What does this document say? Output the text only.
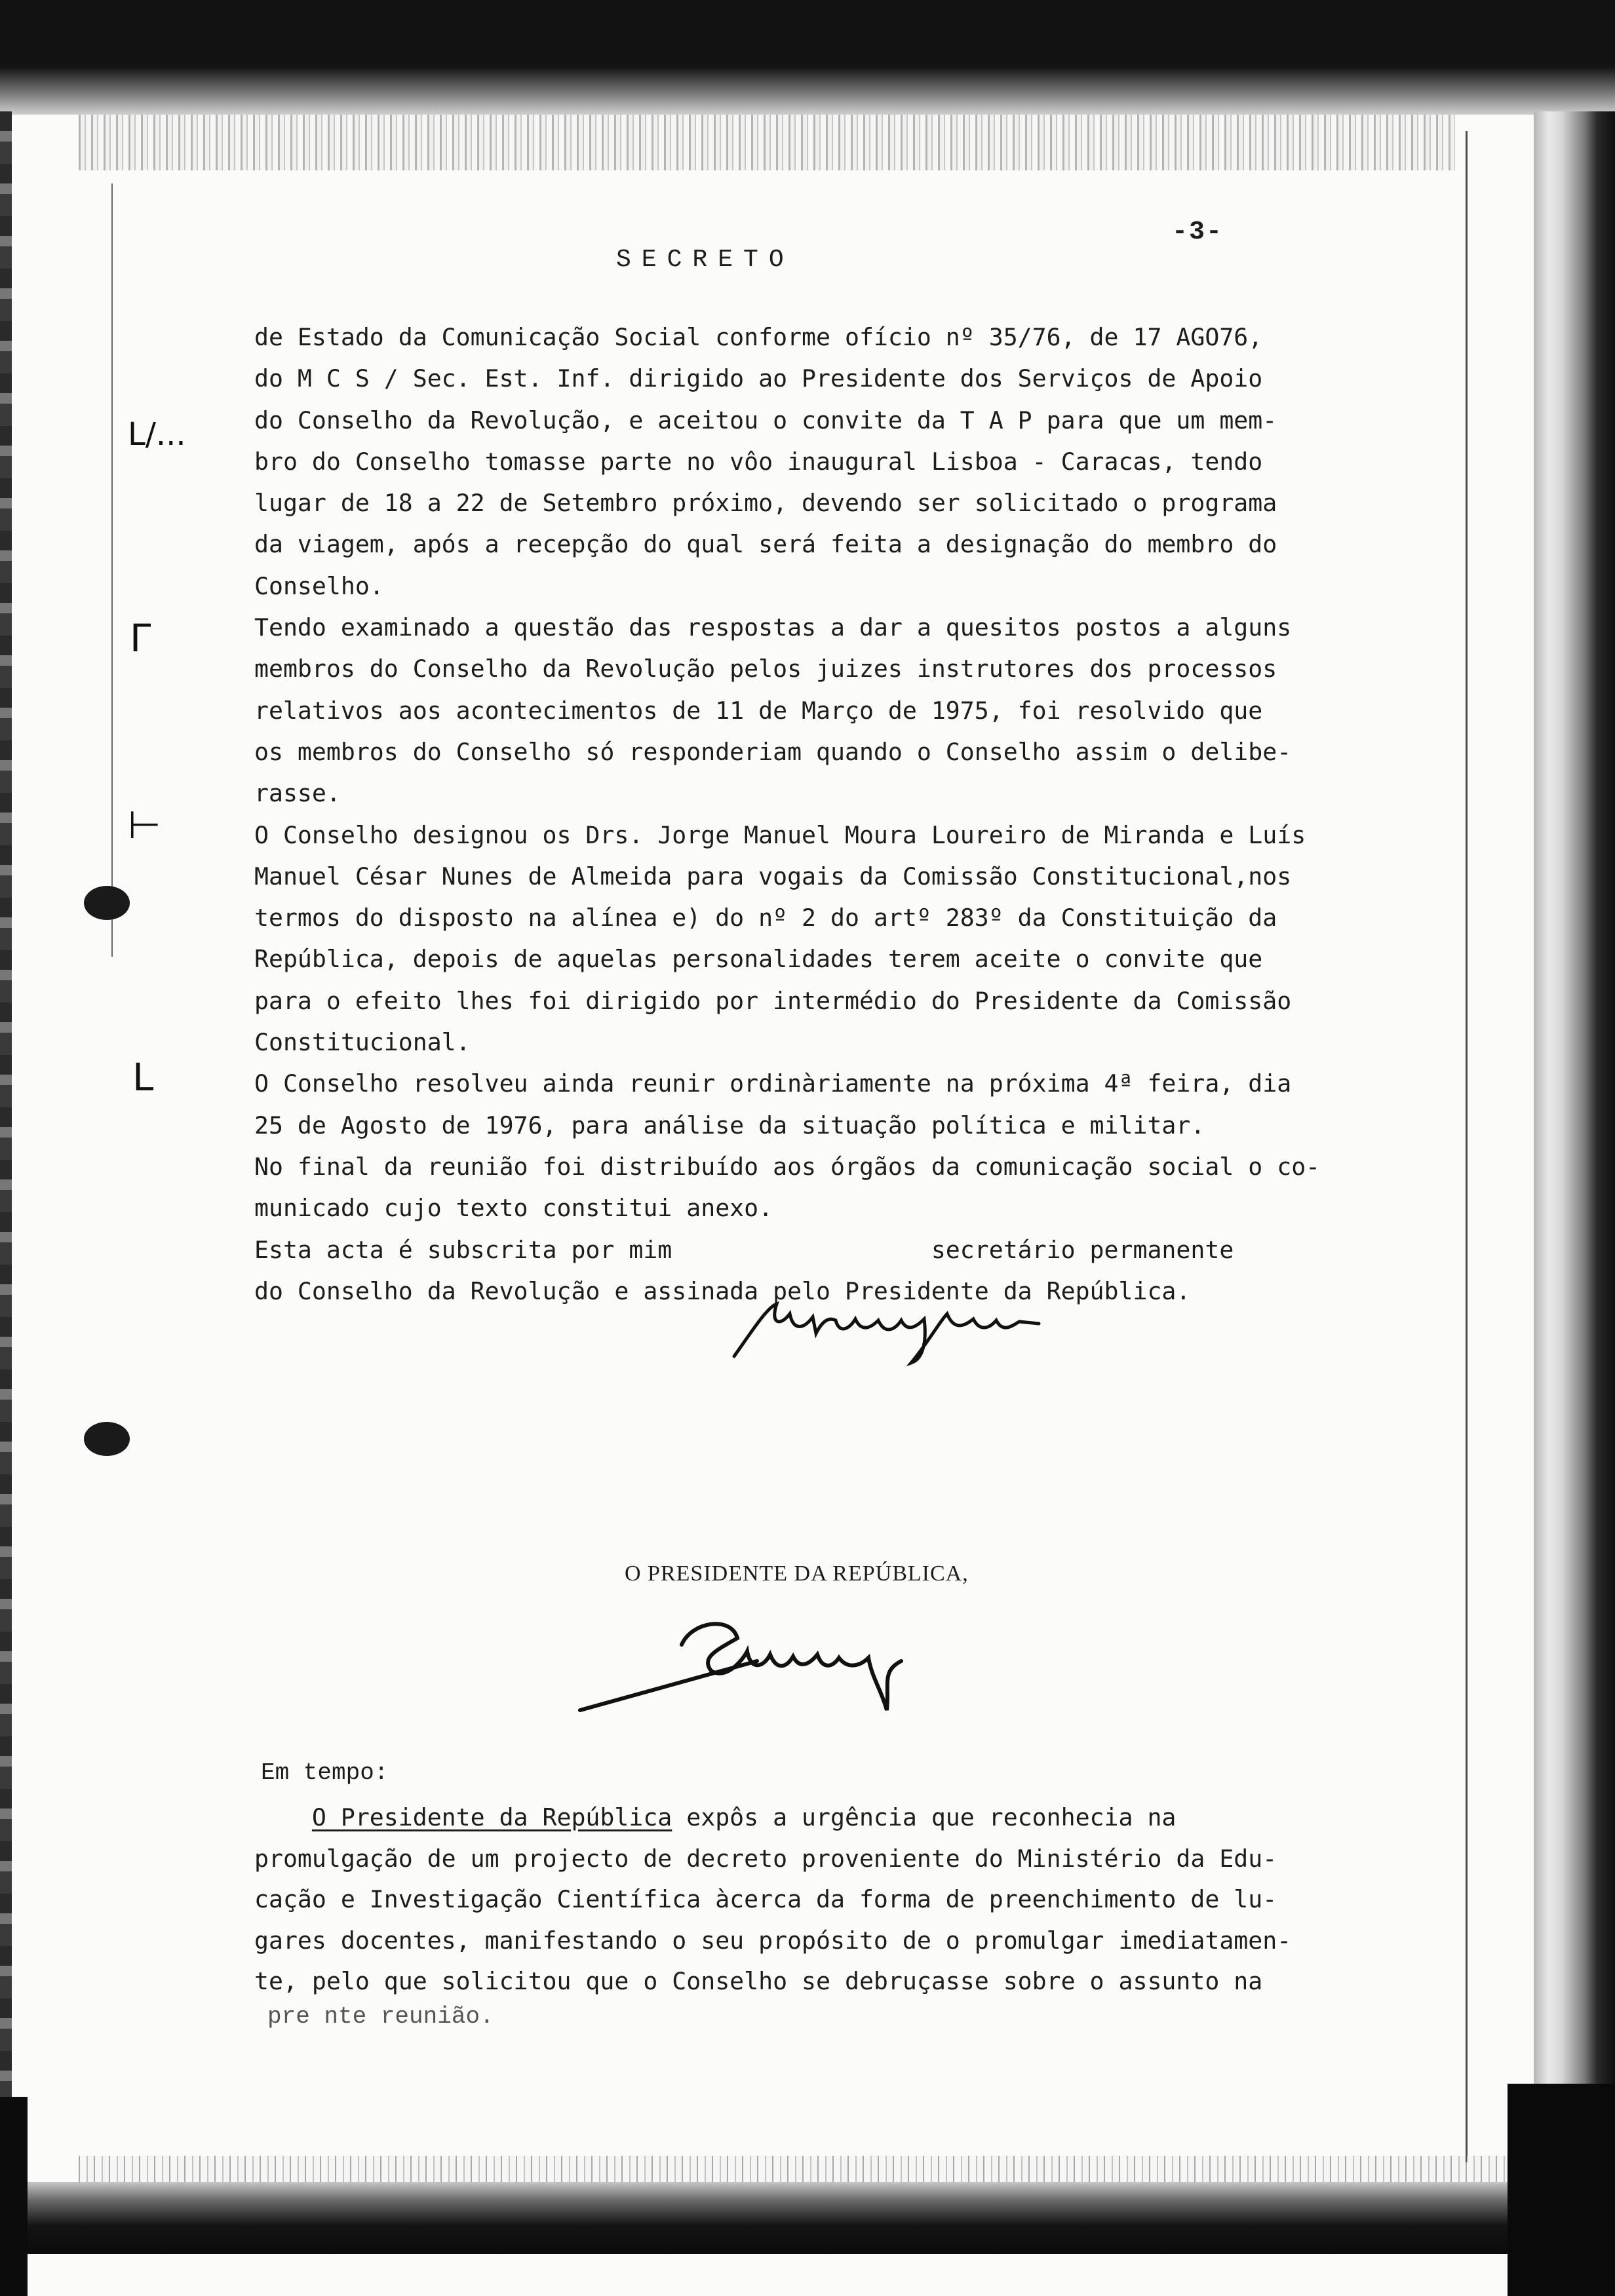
SECRETO
-3-
L/...
Γ
⊢
L
de Estado da Comunicação Social conforme ofício nº 35/76, de 17 AGO76,
do M C S / Sec. Est. Inf. dirigido ao Presidente dos Serviços de Apoio
do Conselho da Revolução, e aceitou o convite da T A P para que um mem-
bro do Conselho tomasse parte no vôo inaugural Lisboa - Caracas, tendo
lugar de 18 a 22 de Setembro próximo, devendo ser solicitado o programa
da viagem, após a recepção do qual será feita a designação do membro do
Conselho.
Tendo examinado a questão das respostas a dar a quesitos postos a alguns
membros do Conselho da Revolução pelos juizes instrutores dos processos
relativos aos acontecimentos de 11 de Março de 1975, foi resolvido que
os membros do Conselho só responderiam quando o Conselho assim o delibe-
rasse.
O Conselho designou os Drs. Jorge Manuel Moura Loureiro de Miranda e Luís
Manuel César Nunes de Almeida para vogais da Comissão Constitucional,nos
termos do disposto na alínea e) do nº 2 do artº 283º da Constituição da
República, depois de aquelas personalidades terem aceite o convite que
para o efeito lhes foi dirigido por intermédio do Presidente da Comissão
Constitucional.
O Conselho resolveu ainda reunir ordinàriamente na próxima 4ª feira, dia
25 de Agosto de 1976, para análise da situação política e militar.
No final da reunião foi distribuído aos órgãos da comunicação social o co-
municado cujo texto constitui anexo.
Esta acta é subscrita por mim                  secretário permanente
do Conselho da Revolução e assinada pelo Presidente da República.
O PRESIDENTE DA REPÚBLICA,
Em tempo:
O Presidente da República expôs a urgência que reconhecia na
promulgação de um projecto de decreto proveniente do Ministério da Edu-
cação e Investigação Científica àcerca da forma de preenchimento de lu-
gares docentes, manifestando o seu propósito de o promulgar imediatamen-
te, pelo que solicitou que o Conselho se debruçasse sobre o assunto na
pre nte reunião.
